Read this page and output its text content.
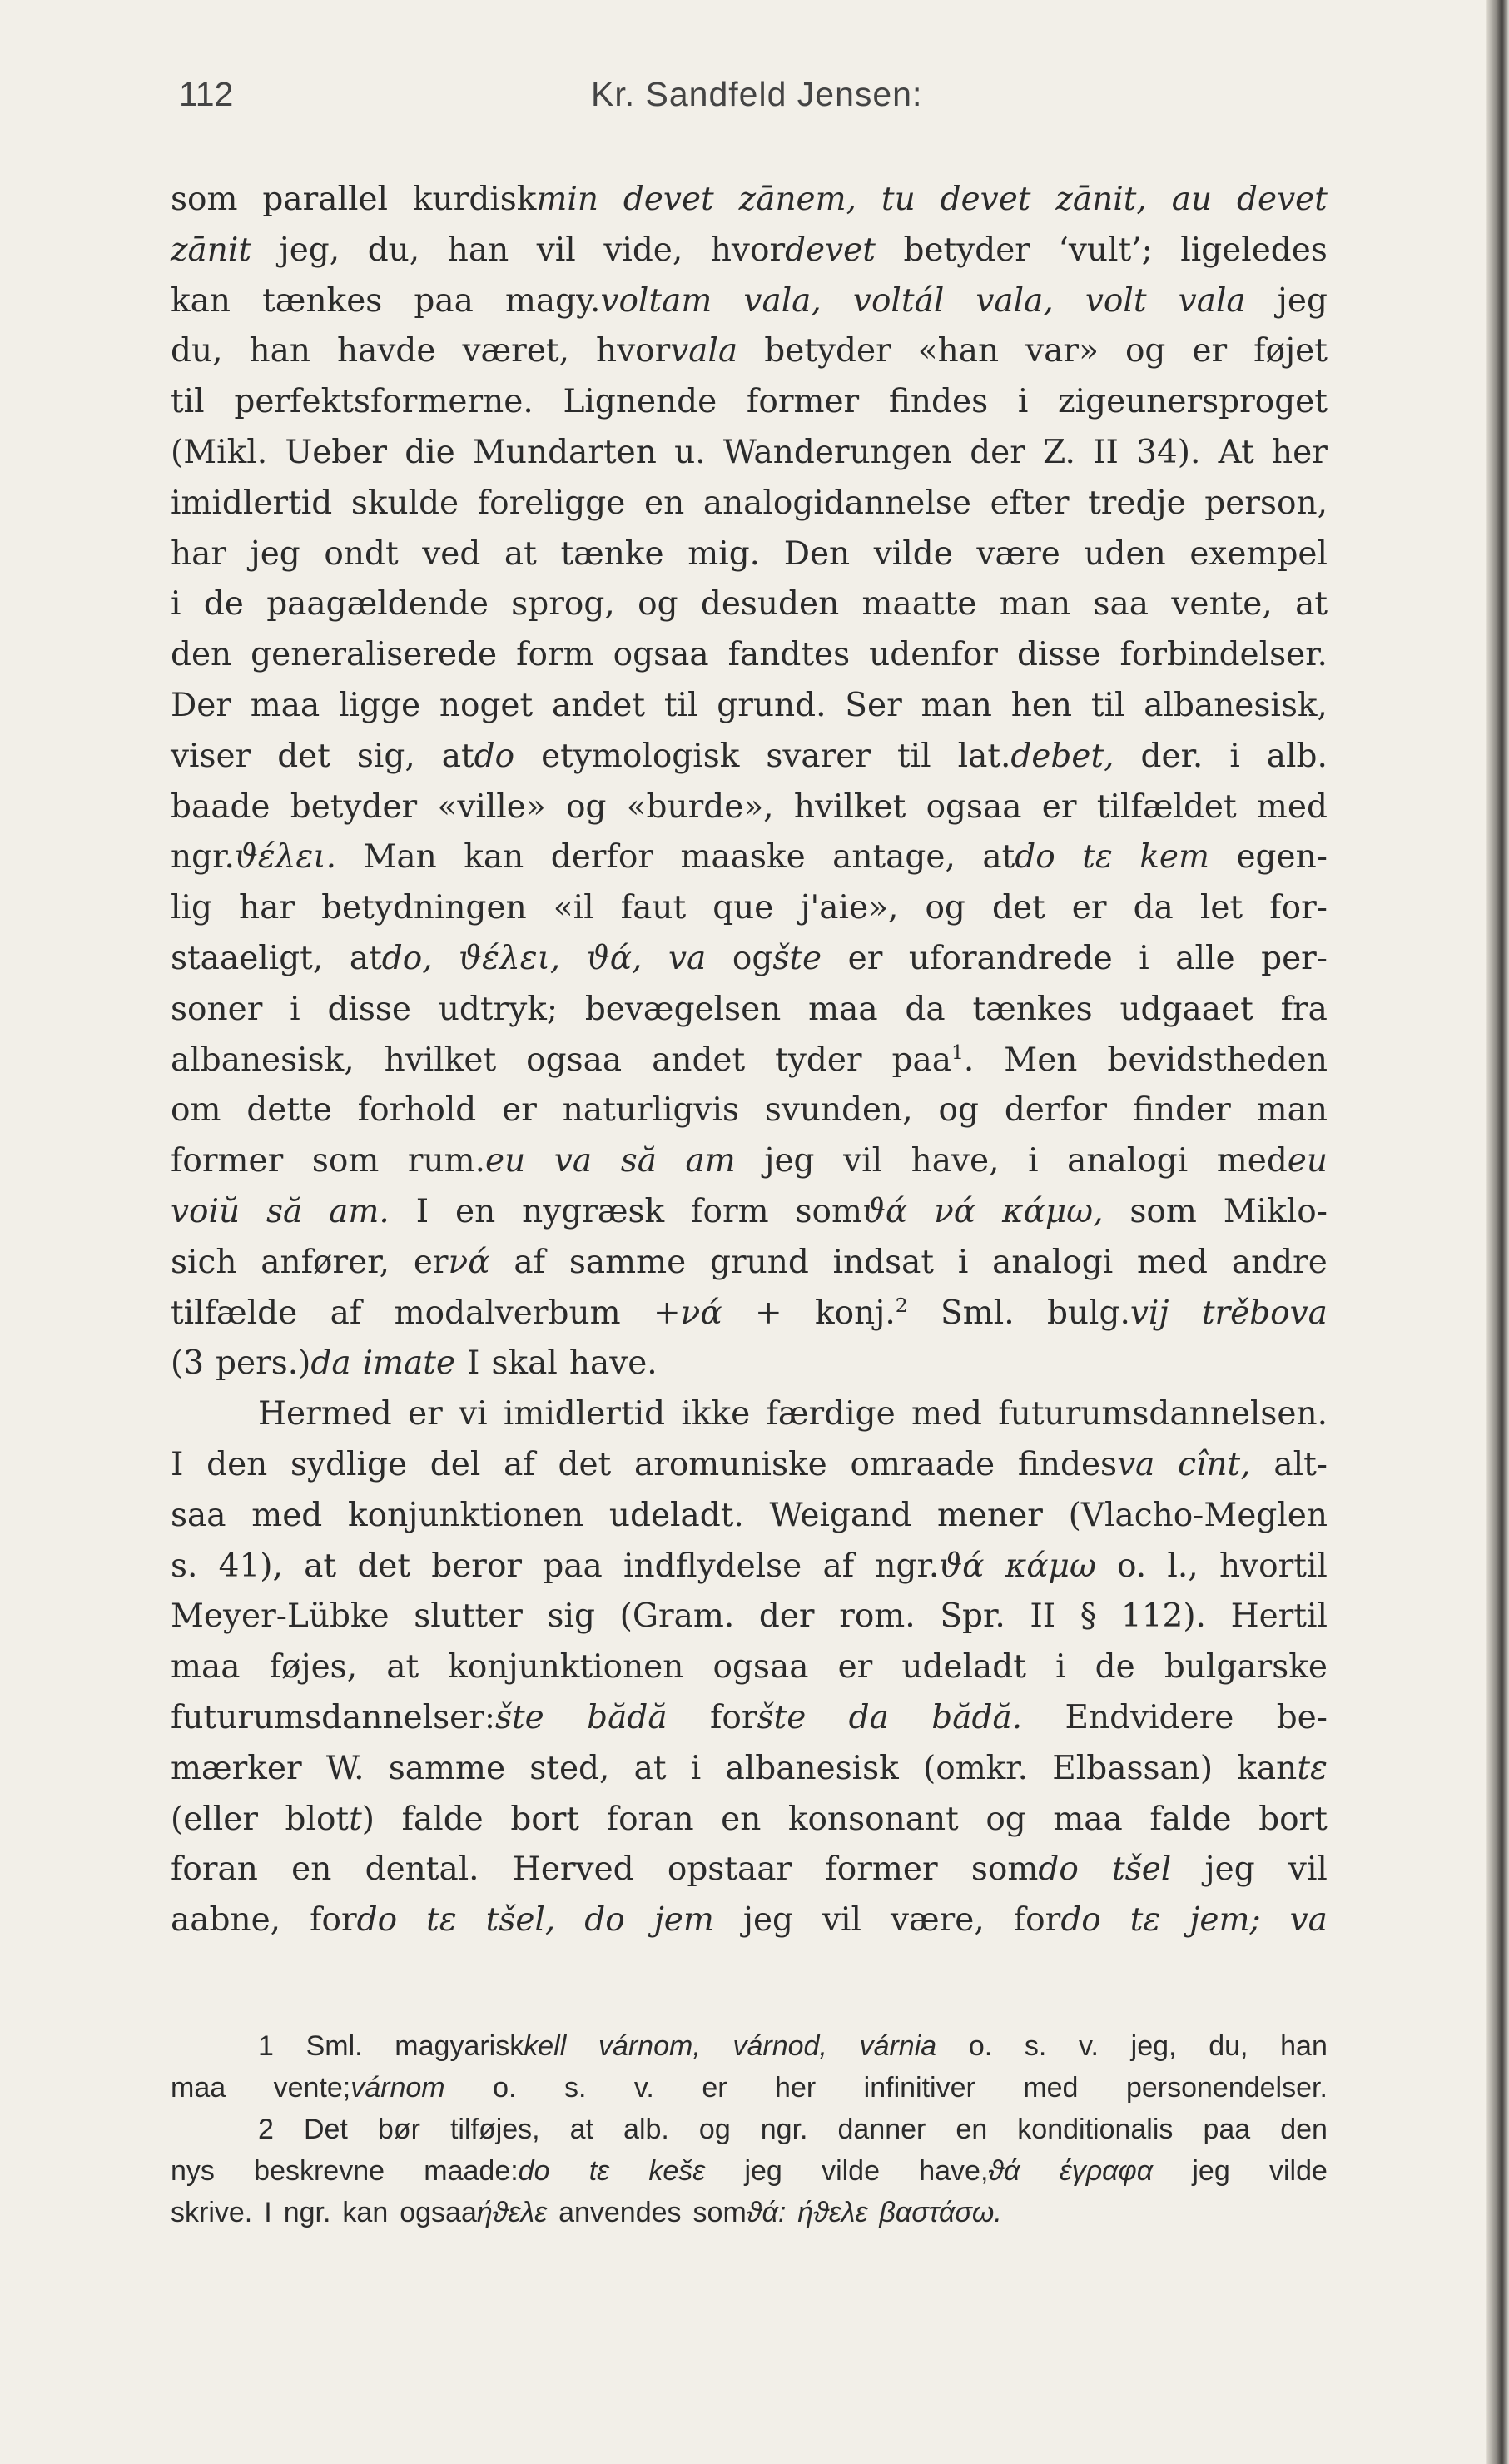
112	Kr. Sandfeld Jensen:
som parallel kurdiskmin devet zānem, tu devet zānit, au devet
zānit jeg, du, han vil vide, hvordevet betyder ‘vult’; ligeledes
kan tænkes paa magy.voltam vala, voltál vala, volt vala jeg
du, han havde været, hvorvala betyder «han var» og er føjet
til perfektsformerne. Lignende former findes i zigeunersproget
(Mikl. Ueber die Mundarten u. Wanderungen der Z. II 34). At her
imidlertid skulde foreligge en analogidannelse efter tredje person,
har jeg ondt ved at tænke mig. Den vilde være uden exempel
i de paagældende sprog, og desuden maatte man saa vente, at
den generaliserede form ogsaa fandtes udenfor disse forbindelser.
Der maa ligge noget andet til grund. Ser man hen til albanesisk,
viser det sig, atdo etymologisk svarer til lat.debet, der. i alb.
baade betyder «ville» og «burde», hvilket ogsaa er tilfældet med
ngr.ϑέλει. Man kan derfor maaske antage, atdo tε kem egen-
lig har betydningen «il faut que j'aie», og det er da let for-
staaeligt, atdo, ϑέλει, ϑά, va ogšte er uforandrede i alle per-
soner i disse udtryk; bevægelsen maa da tænkes udgaaet fra
albanesisk, hvilket ogsaa andet tyder paa$^1$. Men bevidstheden
om dette forhold er naturligvis svunden, og derfor finder man
former som rum.eu va să am jeg vil have, i analogi medeu
voiŭ să am. I en nygræsk form somϑά νά κάμω, som Miklo-
sich anfører, erνά af samme grund indsat i analogi med andre
tilfælde af modalverbum +νά + konj.$^2$ Sml. bulg.vij trěbova
(3 pers.)da imate I skal have.
Hermed er vi imidlertid ikke færdige med futurumsdannelsen.
I den sydlige del af det aromuniske omraade findesva cînt, alt-
saa med konjunktionen udeladt. Weigand mener (Vlacho-Meglen
s. 41), at det beror paa indflydelse af ngr.ϑά κάμω o. l., hvortil
Meyer-Lübke slutter sig (Gram. der rom. Spr. II § 112). Hertil
maa føjes, at konjunktionen ogsaa er udeladt i de bulgarske
futurumsdannelser:šte bădă foršte da bădă. Endvidere be-
mærker W. samme sted, at i albanesisk (omkr. Elbassan) kantε
(eller blott) falde bort foran en konsonant og maa falde bort
foran en dental. Herved opstaar former somdo tšel jeg vil
aabne, fordo tε tšel, do jem jeg vil være, fordo tε jem; va
1 Sml. magyariskkell várnom, várnod, várnia o. s. v. jeg, du, han
maa vente;várnom o. s. v. er her infinitiver med personendelser.
2 Det bør tilføjes, at alb. og ngr. danner en konditionalis paa den
nys beskrevne maade:do tε kešε jeg vilde have,ϑά έγραφα jeg vilde
skrive. I ngr. kan ogsaaήϑελε anvendes somϑά: ήϑελε βαστάσω.
